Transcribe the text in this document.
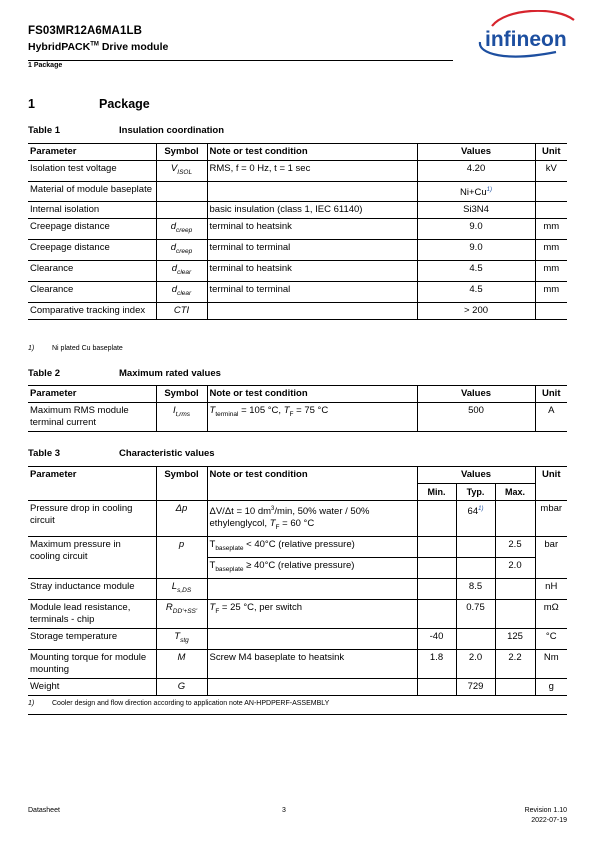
FS03MR12A6MA1LB
HybridPACK™ Drive module
1 Package
infineon
1	Package
Table 1	Insulation coordination
Parameter	Symbol	Note or test condition	Values	Unit
Isolation test voltage	$V_{ISOL}$	RMS, f = 0 Hz, t = 1 sec	4.20	kV
Material of module baseplate			$Ni+Cu^{1)}$	
Internal isolation		basic insulation (class 1, IEC 61140)	Si3N4	
Creepage distance	$d_{creep}$	terminal to heatsink	9.0	mm
Creepage distance	$d_{creep}$	terminal to terminal	9.0	mm
Clearance	$d_{clear}$	terminal to heatsink	4.5	mm
Clearance	$d_{clear}$	terminal to terminal	4.5	mm
Comparative tracking index	CTI		> 200	
1)	Ni plated Cu baseplate
Table 2	Maximum rated values
Parameter	Symbol	Note or test condition	Values	Unit
Maximum RMS module terminal current	$I_{t,rms}$	$T_{terminal} = 105$ °C, $T_F = 75$ °C	500	A
Table 3	Characteristic values
Parameter	Symbol	Note or test condition	Values			Unit
			Min.	Typ.	Max.	
Pressure drop in cooling circuit	Δp	ΔV/Δt = 10 $dm^3/\min$, 50% water / 50% ethylenglycol, $T_F = 60$ °C		64$^{1)}$		mbar
Maximum pressure in cooling circuit	p	$T_{baseplate} < 40^\circ C$ (relative pressure)			2.5	bar
		$T_{baseplate} \ge 40^\circ C$ (relative pressure)			2.0	
Stray inductance module	$L_{s,DS}$			8.5		nH
Module lead resistance, terminals - chip	$R_{DD'+SS'}$	$T_F = 25$ °C, per switch		0.75		mΩ
Storage temperature	$T_{stg}$		-40		125	°C
Mounting torque for module mounting	M	Screw M4 baseplate to heatsink	1.8	2.0	2.2	Nm
Weight	G			729		g
1)	Cooler design and flow direction according to application note AN-HPDPERF-ASSEMBLY
Datasheet	3	Revision 1.10
2022-07-19
